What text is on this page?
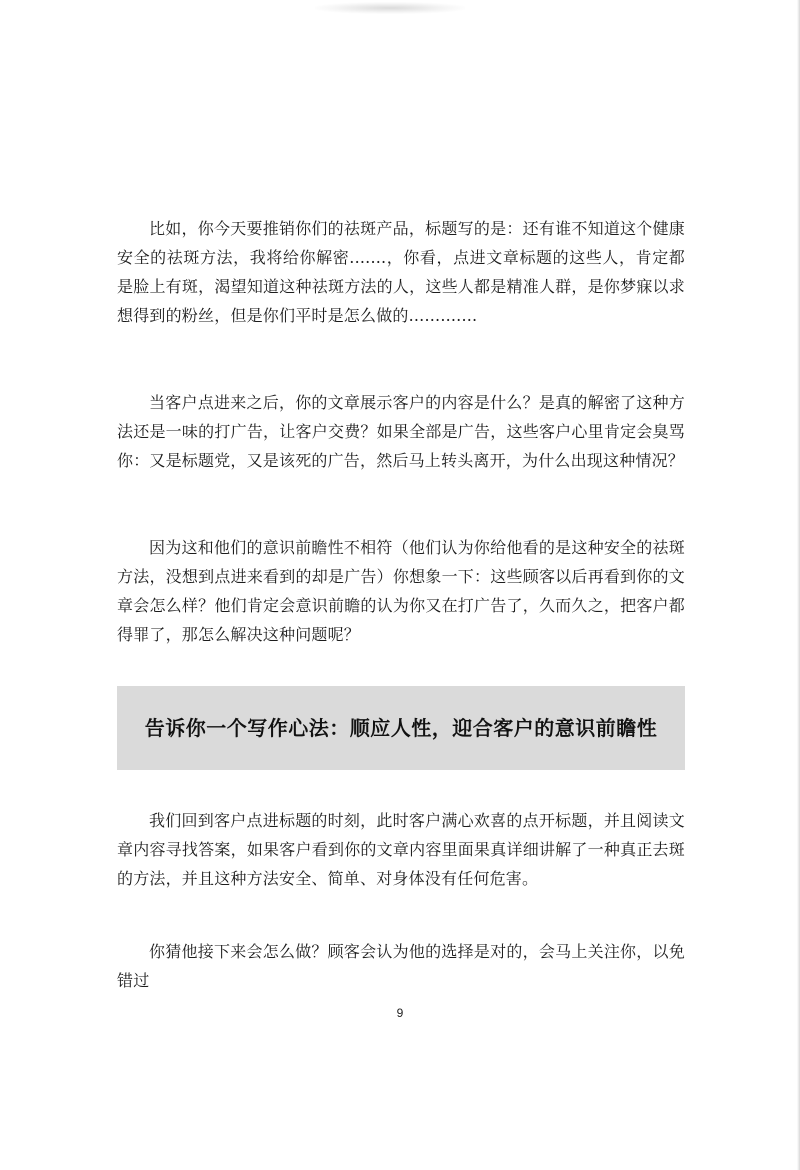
比如，你今天要推销你们的祛斑产品，标题写的是：还有谁不知道这个健康安全的祛斑方法，我将给你解密.......，你看，点进文章标题的这些人，肯定都是脸上有斑，渴望知道这种祛斑方法的人，这些人都是精准人群，是你梦寐以求想得到的粉丝，但是你们平时是怎么做的.............

当客户点进来之后，你的文章展示客户的内容是什么？是真的解密了这种方法还是一味的打广告，让客户交费？如果全部是广告，这些客户心里肯定会臭骂你：又是标题党，又是该死的广告，然后马上转头离开，为什么出现这种情况？

因为这和他们的意识前瞻性不相符（他们认为你给他看的是这种安全的祛斑方法，没想到点进来看到的却是广告）你想象一下：这些顾客以后再看到你的文章会怎么样？他们肯定会意识前瞻的认为你又在打广告了，久而久之，把客户都得罪了，那怎么解决这种问题呢？

告诉你一个写作心法：顺应人性，迎合客户的意识前瞻性

我们回到客户点进标题的时刻，此时客户满心欢喜的点开标题，并且阅读文章内容寻找答案，如果客户看到你的文章内容里面果真详细讲解了一种真正去斑的方法，并且这种方法安全、简单、对身体没有任何危害。

你猜他接下来会怎么做？顾客会认为他的选择是对的，会马上关注你，以免错过

9
